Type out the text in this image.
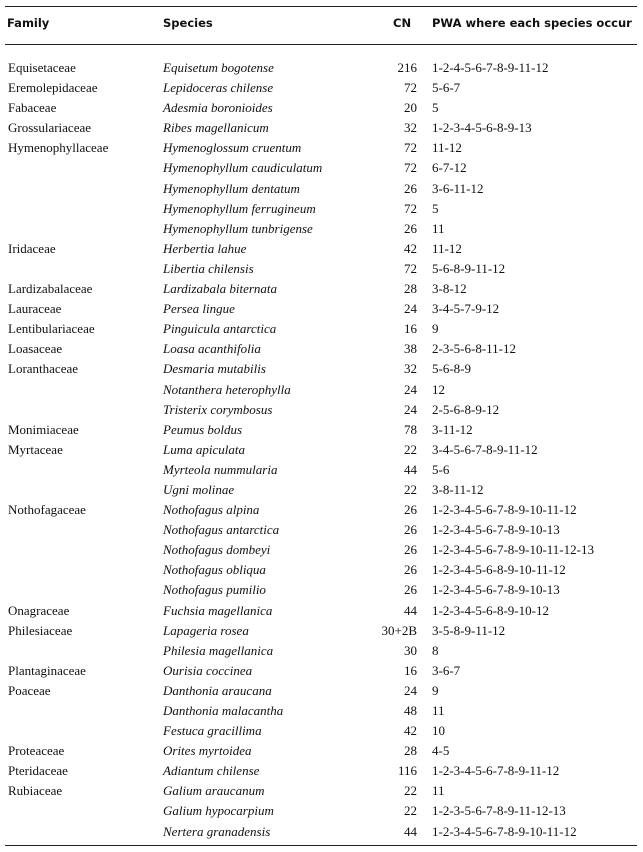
Family	Species	CN PWA where each species occur
Equisetaceae	Equisetum bogotense	216 1-2-4-5-6-7-8-9-11-12
Eremolepidaceae	Lepidoceras chilense	72 5-6-7
Fabaceae	Adesmia boronioides	20 5
Grossulariaceae	Ribes magellanicum	32 1-2-3-4-5-6-8-9-13
Hymenophyllaceae	Hymenoglossum cruentum	72 11-12
Hymenophyllum caudiculatum	72 6-7-12
Hymenophyllum dentatum	26 3-6-11-12
Hymenophyllum ferrugineum	72 5
Hymenophyllum tunbrigense	26 11
Iridaceae	Herbertia lahue	42 11-12
Libertia chilensis	72 5-6-8-9-11-12
Lardizabalaceae	Lardizabala biternata	28 3-8-12
Lauraceae	Persea lingue	24 3-4-5-7-9-12
Lentibulariaceae	Pinguicula antarctica	16 9
Loasaceae	Loasa acanthifolia	38 2-3-5-6-8-11-12
Loranthaceae	Desmaria mutabilis	32 5-6-8-9
Notanthera heterophylla	24 12
Tristerix corymbosus	24 2-5-6-8-9-12
Monimiaceae	Peumus boldus	78 3-11-12
Myrtaceae	Luma apiculata	22 3-4-5-6-7-8-9-11-12
Myrteola nummularia	44 5-6
Ugni molinae	22 3-8-11-12
Nothofagaceae	Nothofagus alpina	26 1-2-3-4-5-6-7-8-9-10-11-12
Nothofagus antarctica	26 1-2-3-4-5-6-7-8-9-10-13
Nothofagus dombeyi	26 1-2-3-4-5-6-7-8-9-10-11-12-13
Nothofagus obliqua	26 1-2-3-4-5-6-8-9-10-11-12
Nothofagus pumilio	26 1-2-3-4-5-6-7-8-9-10-13
Onagraceae	Fuchsia magellanica	44 1-2-3-4-5-6-8-9-10-12
Philesiaceae	Lapageria rosea	30+2B 3-5-8-9-11-12
Philesia magellanica	30 8
Plantaginaceae	Ourisia coccinea	16 3-6-7
Poaceae	Danthonia araucana	24 9
Danthonia malacantha	48 11
Festuca gracillima	42 10
Proteaceae	Orites myrtoidea	28 4-5
Pteridaceae	Adiantum chilense	116 1-2-3-4-5-6-7-8-9-11-12
Rubiaceae	Galium araucanum	22 11
Galium hypocarpium	22 1-2-3-5-6-7-8-9-11-12-13
Nertera granadensis	44 1-2-3-4-5-6-7-8-9-10-11-12
